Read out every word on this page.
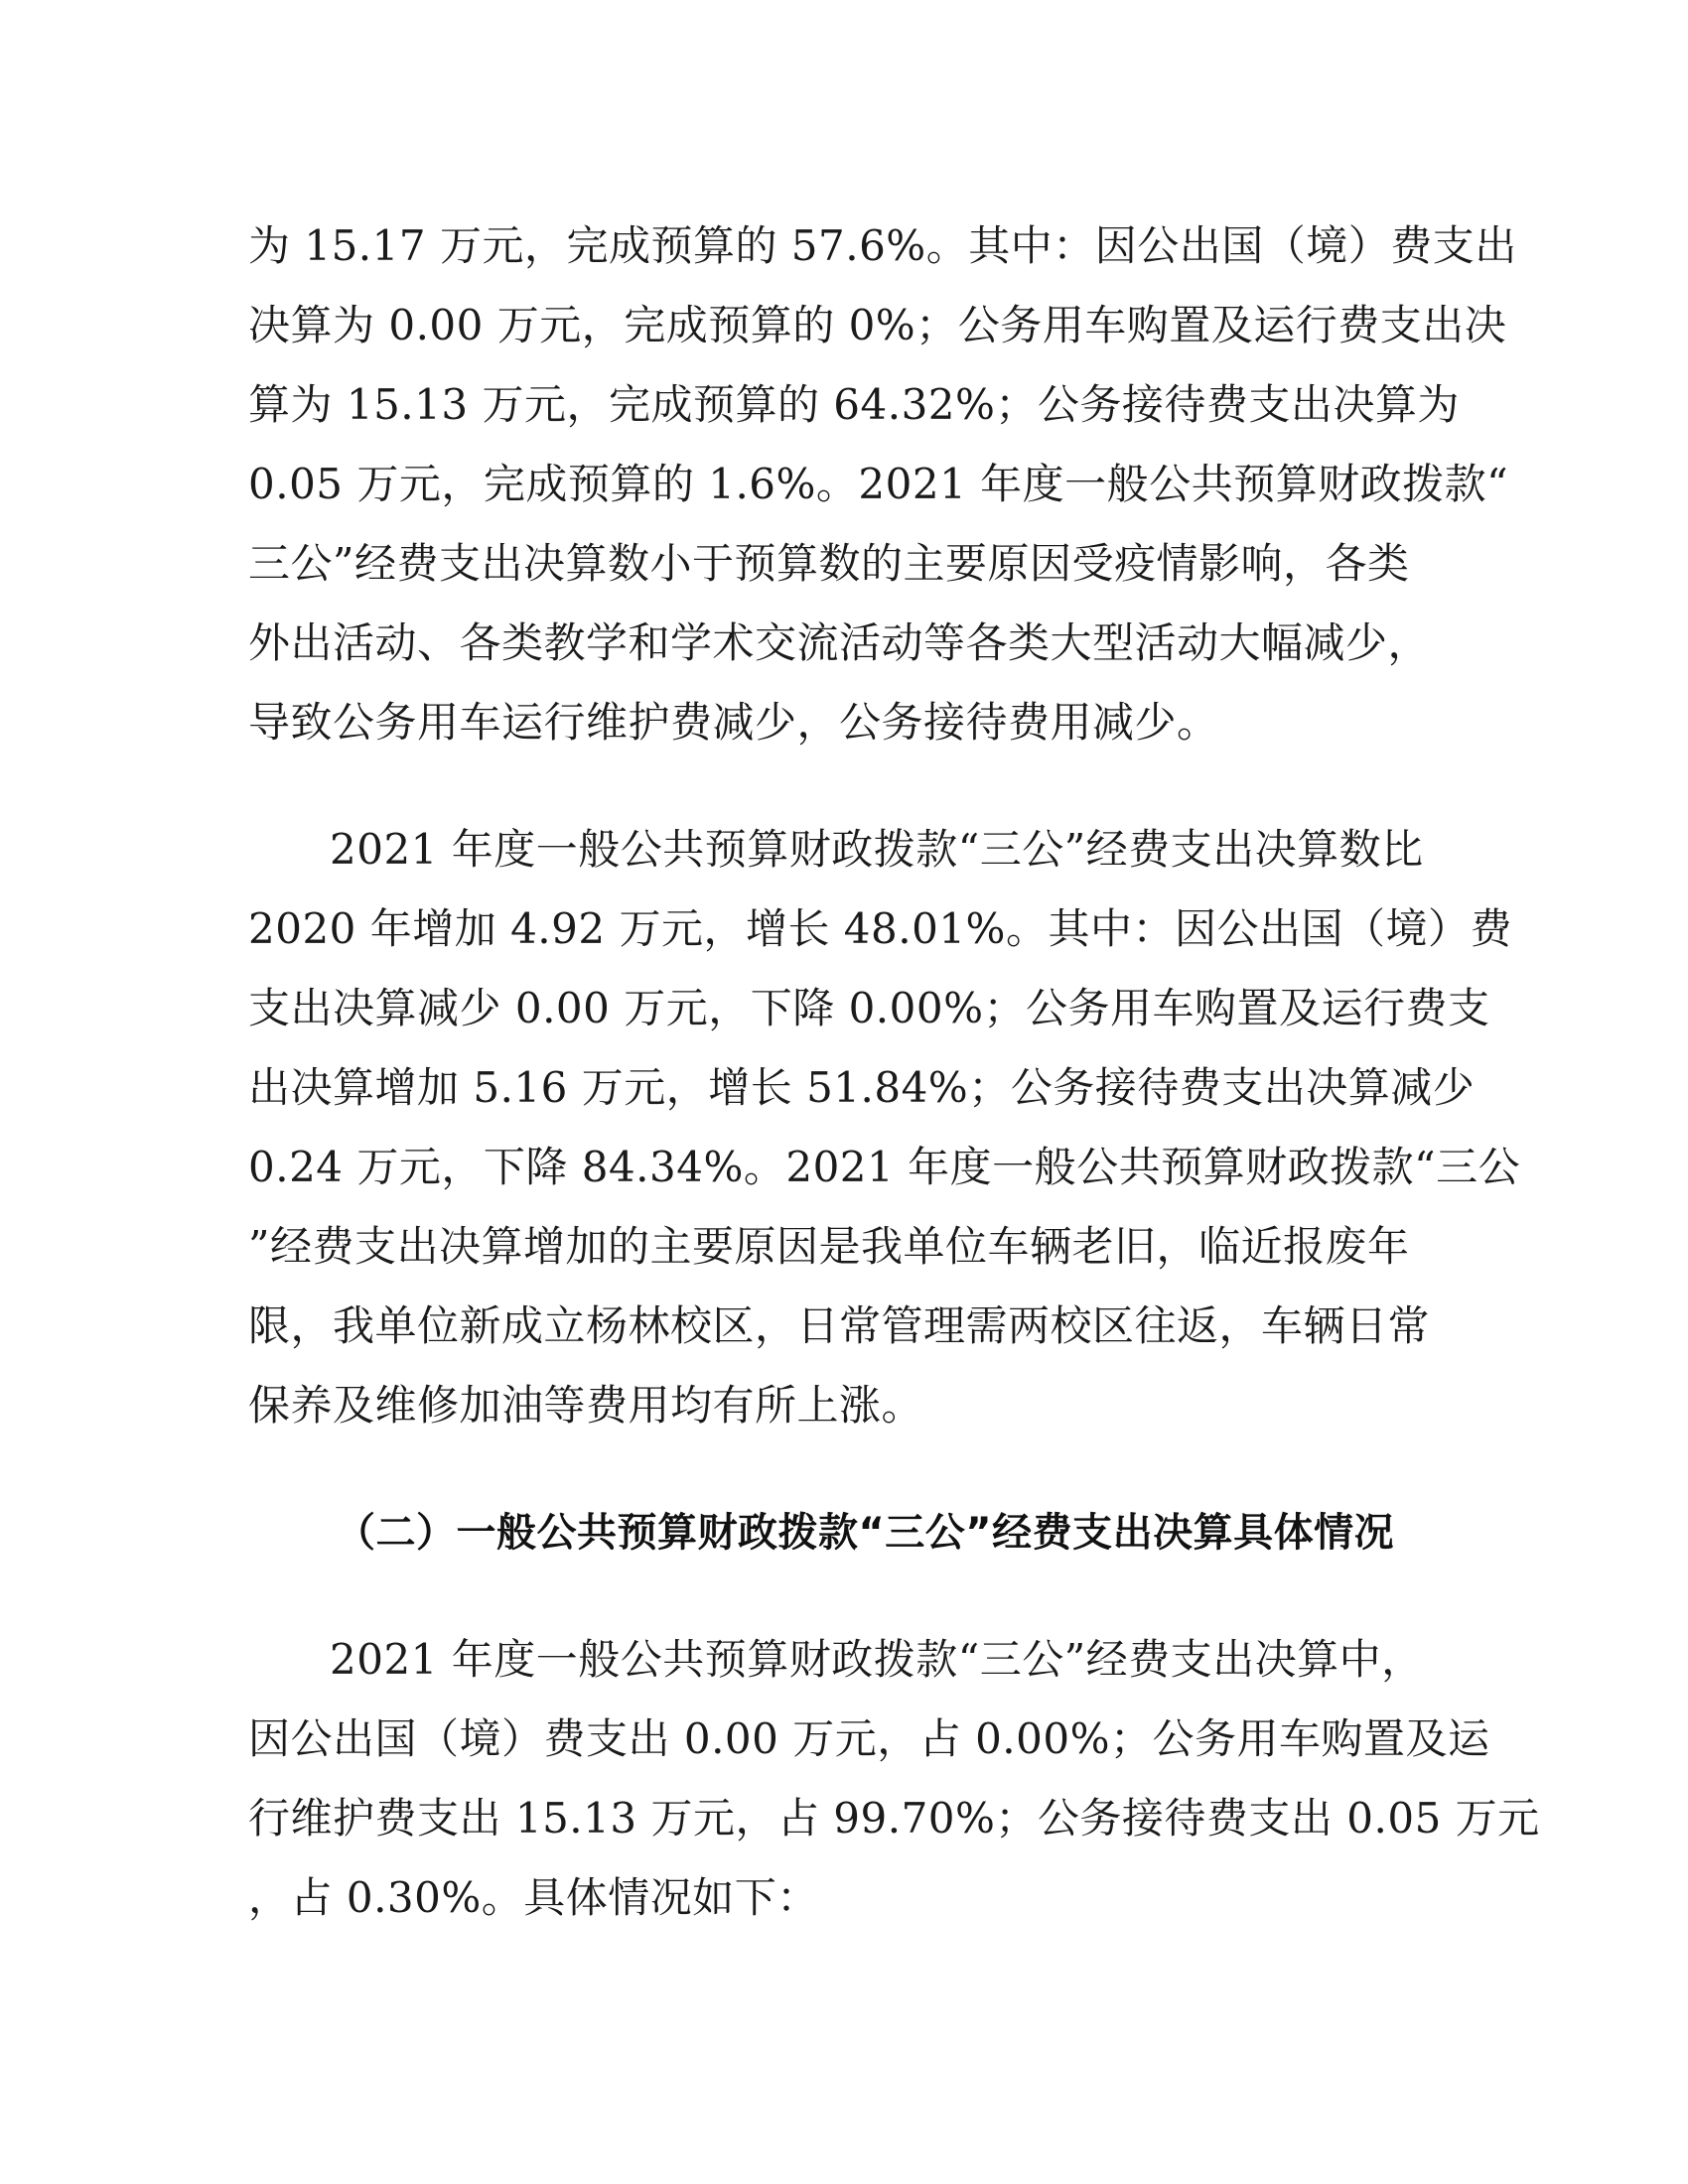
为 15.17 万元，完成预算的 57.6%。其中：因公出国（境）费支出

决算为 0.00 万元，完成预算的 0%；公务用车购置及运行费支出决

算为 15.13 万元，完成预算的 64.32%；公务接待费支出决算为

0.05 万元，完成预算的 1.6%。2021 年度一般公共预算财政拨款“

三公”经费支出决算数小于预算数的主要原因受疫情影响，各类

外出活动、各类教学和学术交流活动等各类大型活动大幅减少，

导致公务用车运行维护费减少，公务接待费用减少。

2021 年度一般公共预算财政拨款“三公”经费支出决算数比

2020 年增加 4.92 万元，增长 48.01%。其中：因公出国（境）费

支出决算减少 0.00 万元，下降 0.00%；公务用车购置及运行费支

出决算增加 5.16 万元，增长 51.84%；公务接待费支出决算减少

0.24 万元，下降 84.34%。2021 年度一般公共预算财政拨款“三公

”经费支出决算增加的主要原因是我单位车辆老旧，临近报废年

限，我单位新成立杨林校区，日常管理需两校区往返，车辆日常

保养及维修加油等费用均有所上涨。

（二）一般公共预算财政拨款“三公”经费支出决算具体情况

2021 年度一般公共预算财政拨款“三公”经费支出决算中，

因公出国（境）费支出 0.00 万元，占 0.00%；公务用车购置及运

行维护费支出 15.13 万元，占 99.70%；公务接待费支出 0.05 万元

，占 0.30%。具体情况如下：
